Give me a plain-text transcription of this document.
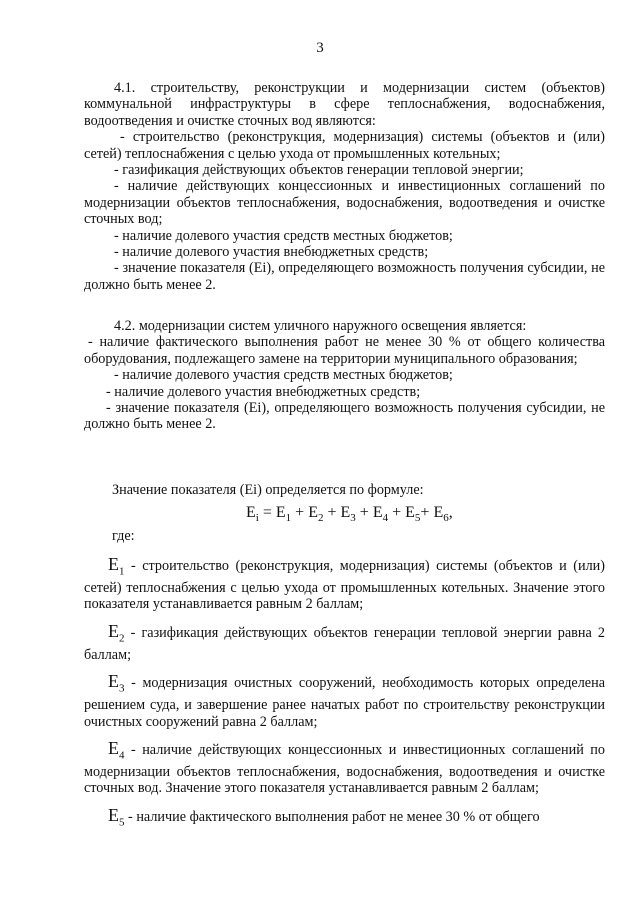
3

4.1. строительству, реконструкции и модернизации систем (объектов) коммунальной инфраструктуры в сфере теплоснабжения, водоснабжения, водоотведения и очистке сточных вод являются:

- строительство (реконструкция, модернизация) системы (объектов и (или) сетей) теплоснабжения с целью ухода от промышленных котельных;

- газификация действующих объектов генерации тепловой энергии;

- наличие действующих концессионных и инвестиционных соглашений по модернизации объектов теплоснабжения, водоснабжения, водоотведения и очистке сточных вод;

- наличие долевого участия средств местных бюджетов;

- наличие долевого участия внебюджетных средств;

- значение показателя (Ei), определяющего возможность получения субсидии, не должно быть менее 2.

4.2. модернизации систем уличного наружного освещения является:

- наличие фактического выполнения работ не менее 30 % от общего количества оборудования, подлежащего замене на территории муниципального образования;

- наличие долевого участия средств местных бюджетов;

- наличие долевого участия внебюджетных средств;

- значение показателя (Ei), определяющего возможность получения субсидии, не должно быть менее 2.

Значение показателя (Ei) определяется по формуле:
$E_i = E_1 + E_2 + E_3 + E_4 + E_5+ E_6$,
где:

$E_1$ - строительство (реконструкция, модернизация) системы (объектов и (или) сетей) теплоснабжения с целью ухода от промышленных котельных. Значение этого показателя устанавливается равным 2 баллам;

$E_2$ - газификация действующих объектов генерации тепловой энергии равна 2 баллам;

$E_3$ - модернизация очистных сооружений, необходимость которых определена решением суда, и завершение ранее начатых работ по строительству реконструкции очистных сооружений равна 2 баллам;

$E_4$ - наличие действующих концессионных и инвестиционных соглашений по модернизации объектов теплоснабжения, водоснабжения, водоотведения и очистке сточных вод. Значение этого показателя устанавливается равным 2 баллам;

$E_5$ - наличие фактического выполнения работ не менее 30 % от общего
